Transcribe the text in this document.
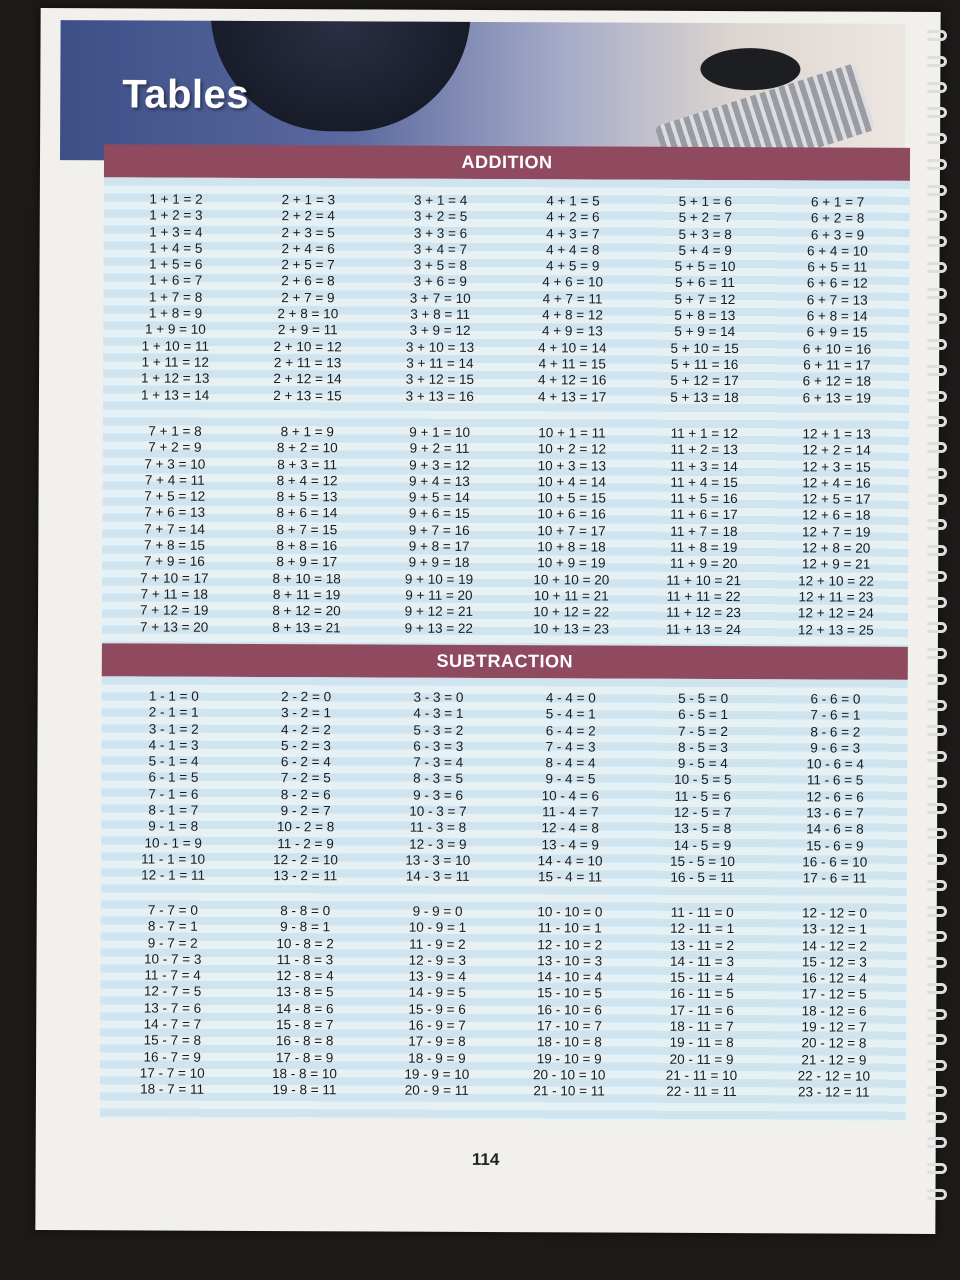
Tables
ADDITION
1 + 1 = 2
1 + 2 = 3
1 + 3 = 4
1 + 4 = 5
1 + 5 = 6
1 + 6 = 7
1 + 7 = 8
1 + 8 = 9
1 + 9 = 10
1 + 10 = 11
1 + 11 = 12
1 + 12 = 13
1 + 13 = 14
2 + 1 = 3
2 + 2 = 4
2 + 3 = 5
2 + 4 = 6
2 + 5 = 7
2 + 6 = 8
2 + 7 = 9
2 + 8 = 10
2 + 9 = 11
2 + 10 = 12
2 + 11 = 13
2 + 12 = 14
2 + 13 = 15
3 + 1 = 4
3 + 2 = 5
3 + 3 = 6
3 + 4 = 7
3 + 5 = 8
3 + 6 = 9
3 + 7 = 10
3 + 8 = 11
3 + 9 = 12
3 + 10 = 13
3 + 11 = 14
3 + 12 = 15
3 + 13 = 16
4 + 1 = 5
4 + 2 = 6
4 + 3 = 7
4 + 4 = 8
4 + 5 = 9
4 + 6 = 10
4 + 7 = 11
4 + 8 = 12
4 + 9 = 13
4 + 10 = 14
4 + 11 = 15
4 + 12 = 16
4 + 13 = 17
5 + 1 = 6
5 + 2 = 7
5 + 3 = 8
5 + 4 = 9
5 + 5 = 10
5 + 6 = 11
5 + 7 = 12
5 + 8 = 13
5 + 9 = 14
5 + 10 = 15
5 + 11 = 16
5 + 12 = 17
5 + 13 = 18
6 + 1 = 7
6 + 2 = 8
6 + 3 = 9
6 + 4 = 10
6 + 5 = 11
6 + 6 = 12
6 + 7 = 13
6 + 8 = 14
6 + 9 = 15
6 + 10 = 16
6 + 11 = 17
6 + 12 = 18
6 + 13 = 19
7 + 1 = 8
7 + 2 = 9
7 + 3 = 10
7 + 4 = 11
7 + 5 = 12
7 + 6 = 13
7 + 7 = 14
7 + 8 = 15
7 + 9 = 16
7 + 10 = 17
7 + 11 = 18
7 + 12 = 19
7 + 13 = 20
8 + 1 = 9
8 + 2 = 10
8 + 3 = 11
8 + 4 = 12
8 + 5 = 13
8 + 6 = 14
8 + 7 = 15
8 + 8 = 16
8 + 9 = 17
8 + 10 = 18
8 + 11 = 19
8 + 12 = 20
8 + 13 = 21
9 + 1 = 10
9 + 2 = 11
9 + 3 = 12
9 + 4 = 13
9 + 5 = 14
9 + 6 = 15
9 + 7 = 16
9 + 8 = 17
9 + 9 = 18
9 + 10 = 19
9 + 11 = 20
9 + 12 = 21
9 + 13 = 22
10 + 1 = 11
10 + 2 = 12
10 + 3 = 13
10 + 4 = 14
10 + 5 = 15
10 + 6 = 16
10 + 7 = 17
10 + 8 = 18
10 + 9 = 19
10 + 10 = 20
10 + 11 = 21
10 + 12 = 22
10 + 13 = 23
11 + 1 = 12
11 + 2 = 13
11 + 3 = 14
11 + 4 = 15
11 + 5 = 16
11 + 6 = 17
11 + 7 = 18
11 + 8 = 19
11 + 9 = 20
11 + 10 = 21
11 + 11 = 22
11 + 12 = 23
11 + 13 = 24
12 + 1 = 13
12 + 2 = 14
12 + 3 = 15
12 + 4 = 16
12 + 5 = 17
12 + 6 = 18
12 + 7 = 19
12 + 8 = 20
12 + 9 = 21
12 + 10 = 22
12 + 11 = 23
12 + 12 = 24
12 + 13 = 25
SUBTRACTION
1 - 1 = 0
2 - 1 = 1
3 - 1 = 2
4 - 1 = 3
5 - 1 = 4
6 - 1 = 5
7 - 1 = 6
8 - 1 = 7
9 - 1 = 8
10 - 1 = 9
11 - 1 = 10
12 - 1 = 11
2 - 2 = 0
3 - 2 = 1
4 - 2 = 2
5 - 2 = 3
6 - 2 = 4
7 - 2 = 5
8 - 2 = 6
9 - 2 = 7
10 - 2 = 8
11 - 2 = 9
12 - 2 = 10
13 - 2 = 11
3 - 3 = 0
4 - 3 = 1
5 - 3 = 2
6 - 3 = 3
7 - 3 = 4
8 - 3 = 5
9 - 3 = 6
10 - 3 = 7
11 - 3 = 8
12 - 3 = 9
13 - 3 = 10
14 - 3 = 11
4 - 4 = 0
5 - 4 = 1
6 - 4 = 2
7 - 4 = 3
8 - 4 = 4
9 - 4 = 5
10 - 4 = 6
11 - 4 = 7
12 - 4 = 8
13 - 4 = 9
14 - 4 = 10
15 - 4 = 11
5 - 5 = 0
6 - 5 = 1
7 - 5 = 2
8 - 5 = 3
9 - 5 = 4
10 - 5 = 5
11 - 5 = 6
12 - 5 = 7
13 - 5 = 8
14 - 5 = 9
15 - 5 = 10
16 - 5 = 11
6 - 6 = 0
7 - 6 = 1
8 - 6 = 2
9 - 6 = 3
10 - 6 = 4
11 - 6 = 5
12 - 6 = 6
13 - 6 = 7
14 - 6 = 8
15 - 6 = 9
16 - 6 = 10
17 - 6 = 11
7 - 7 = 0
8 - 7 = 1
9 - 7 = 2
10 - 7 = 3
11 - 7 = 4
12 - 7 = 5
13 - 7 = 6
14 - 7 = 7
15 - 7 = 8
16 - 7 = 9
17 - 7 = 10
18 - 7 = 11
8 - 8 = 0
9 - 8 = 1
10 - 8 = 2
11 - 8 = 3
12 - 8 = 4
13 - 8 = 5
14 - 8 = 6
15 - 8 = 7
16 - 8 = 8
17 - 8 = 9
18 - 8 = 10
19 - 8 = 11
9 - 9 = 0
10 - 9 = 1
11 - 9 = 2
12 - 9 = 3
13 - 9 = 4
14 - 9 = 5
15 - 9 = 6
16 - 9 = 7
17 - 9 = 8
18 - 9 = 9
19 - 9 = 10
20 - 9 = 11
10 - 10 = 0
11 - 10 = 1
12 - 10 = 2
13 - 10 = 3
14 - 10 = 4
15 - 10 = 5
16 - 10 = 6
17 - 10 = 7
18 - 10 = 8
19 - 10 = 9
20 - 10 = 10
21 - 10 = 11
11 - 11 = 0
12 - 11 = 1
13 - 11 = 2
14 - 11 = 3
15 - 11 = 4
16 - 11 = 5
17 - 11 = 6
18 - 11 = 7
19 - 11 = 8
20 - 11 = 9
21 - 11 = 10
22 - 11 = 11
12 - 12 = 0
13 - 12 = 1
14 - 12 = 2
15 - 12 = 3
16 - 12 = 4
17 - 12 = 5
18 - 12 = 6
19 - 12 = 7
20 - 12 = 8
21 - 12 = 9
22 - 12 = 10
23 - 12 = 11
114
